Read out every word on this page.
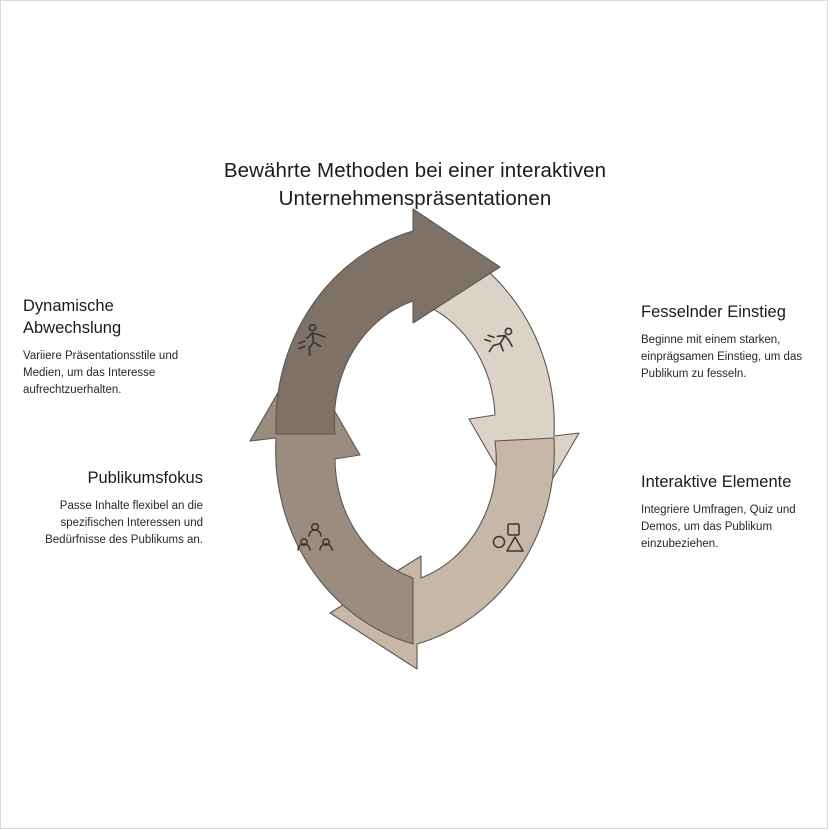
Bewährte Methoden bei einer interaktiven Unternehmenspräsentationen
Fesselnder Einstieg
Beginne mit einem starken, einprägsamen Einstieg, um das Publikum zu fesseln.
Interaktive Elemente
Integriere Umfragen, Quiz und Demos, um das Publikum einzubeziehen.
Publikumsfokus
Passe Inhalte flexibel an die spezifischen Interessen und Bedürfnisse des Publikums an.
Dynamische Abwechslung
Variiere Präsentationsstile und Medien, um das Interesse aufrechtzuerhalten.
